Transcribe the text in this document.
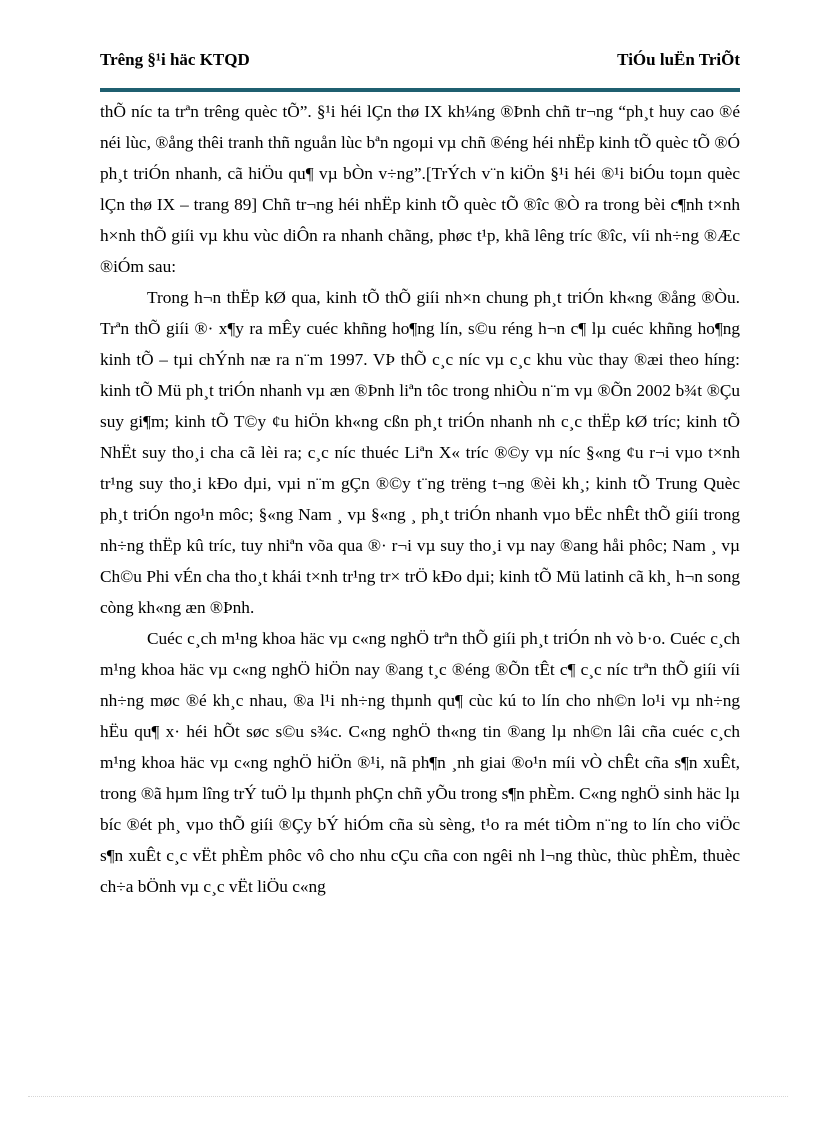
Trêng §¹i häc KTQD	TiÓu luËn TriÕt

thÕ níc ta trªn trêng quèc tÕ”. §¹i héi lÇn thø IX kh¼ng ®Þnh chñ tr¬ng “ph¸t huy cao ®é néi lùc, ®ång thêi tranh thñ nguån lùc bªn ngoµi vµ chñ ®éng héi nhËp kinh tÕ quèc tÕ ®Ó ph¸t triÓn nhanh, cã hiÖu qu¶ vµ bÒn v÷ng”.[TrÝch v¨n kiÖn §¹i héi ®¹i biÓu toµn quèc lÇn thø IX – trang 89] Chñ tr¬ng héi nhËp kinh tÕ quèc tÕ ®îc ®Ò ra trong bèi c¶nh t×nh h×nh thÕ giíi vµ khu vùc diÔn ra nhanh chãng, phøc t¹p, khã lêng tríc ®îc, víi nh÷ng ®Æc ®iÓm sau:

Trong h¬n thËp kØ qua, kinh tÕ thÕ giíi nh×n chung ph¸t triÓn kh«ng ®ång ®Òu. Trªn thÕ giíi ®· x¶y ra mÊy cuéc khñng ho¶ng lín, s©u réng h¬n c¶ lµ cuéc khñng ho¶ng kinh tÕ – tµi chÝnh næ ra n¨m 1997. VÞ thÕ c¸c níc vµ c¸c khu vùc thay ®æi theo híng: kinh tÕ Mü ph¸t triÓn nhanh vµ æn ®Þnh liªn tôc trong nhiÒu n¨m vµ ®Õn 2002 b¾t ®Çu suy gi¶m; kinh tÕ T©y ¢u hiÖn kh«ng cßn ph¸t triÓn nhanh nh c¸c thËp kØ tríc; kinh tÕ NhËt suy tho¸i cha cã lèi ra; c¸c níc thuéc Liªn X« tríc ®©y vµ níc §«ng ¢u r¬i vµo t×nh tr¹ng suy tho¸i kÐo dµi, vµi n¨m gÇn ®©y t¨ng trëng t¬ng ®èi kh¸; kinh tÕ Trung Quèc ph¸t triÓn ngo¹n môc; §«ng Nam ¸ vµ §«ng ¸ ph¸t triÓn nhanh vµo bËc nhÊt thÕ giíi trong nh÷ng thËp kû tríc, tuy nhiªn võa qua ®· r¬i vµ suy tho¸i vµ nay ®ang håi phôc; Nam ¸ vµ Ch©u Phi vÉn cha tho¸t khái t×nh tr¹ng tr× trÖ kÐo dµi; kinh tÕ Mü latinh cã kh¸ h¬n song còng kh«ng æn ®Þnh.

Cuéc c¸ch m¹ng khoa häc vµ c«ng nghÖ trªn thÕ giíi ph¸t triÓn nh vò b·o. Cuéc c¸ch m¹ng khoa häc vµ c«ng nghÖ hiÖn nay ®ang t¸c ®éng ®Õn tÊt c¶ c¸c níc trªn thÕ giíi víi nh÷ng møc ®é kh¸c nhau, ®a l¹i nh÷ng thµnh qu¶ cùc kú to lín cho nh©n lo¹i vµ nh÷ng hËu qu¶ x· héi hÕt søc s©u s¾c. C«ng nghÖ th«ng tin ®ang lµ nh©n lâi cña cuéc c¸ch m¹ng khoa häc vµ c«ng nghÖ hiÖn ®¹i, nã ph¶n ¸nh giai ®o¹n míi vÒ chÊt cña s¶n xuÊt, trong ®ã hµm lîng trÝ tuÖ lµ thµnh phÇn chñ yÕu trong s¶n phÈm. C«ng nghÖ sinh häc lµ bíc ®ét ph¸ vµo thÕ giíi ®Çy bÝ hiÓm cña sù sèng, t¹o ra mét tiÒm n¨ng to lín cho viÖc s¶n xuÊt c¸c vËt phÈm phôc vô cho nhu cÇu cña con ngêi nh l¬ng thùc, thùc phÈm, thuèc ch÷a bÖnh vµ c¸c vËt liÖu c«ng
